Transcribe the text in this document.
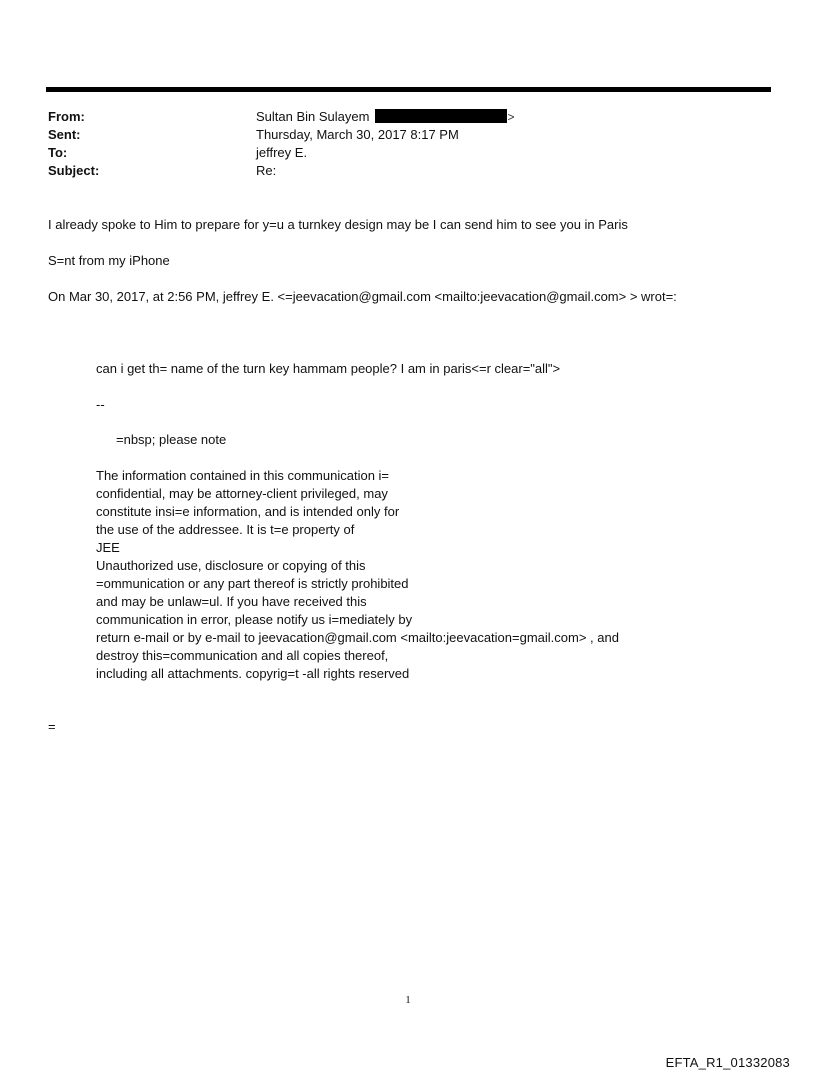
From:	Sultan Bin Sulayem	>
Sent:	Thursday, March 30, 2017 8:17 PM
To:	jeffrey E.
Subject:	Re:
I already spoke to Him to prepare for y=u a turnkey design may be I can send him to see you in Paris
S=nt from my iPhone
On Mar 30, 2017, at 2:56 PM, jeffrey E. <=jeevacation@gmail.com <mailto:jeevacation@gmail.com> > wrot=:
can i get th= name of the turn key hammam people? I am in paris<=r clear="all">
--
=nbsp; please note
The information contained in this communication i=
confidential, may be attorney-client privileged, may
constitute insi=e information, and is intended only for
the use of the addressee. It is t=e property of
JEE
Unauthorized use, disclosure or copying of this
=ommunication or any part thereof is strictly prohibited
and may be unlaw=ul. If you have received this
communication in error, please notify us i=mediately by
return e-mail or by e-mail to jeevacation@gmail.com <mailto:jeevacation=gmail.com> , and
destroy this=communication and all copies thereof,
including all attachments. copyrig=t -all rights reserved
=
1
EFTA_R1_01332083
